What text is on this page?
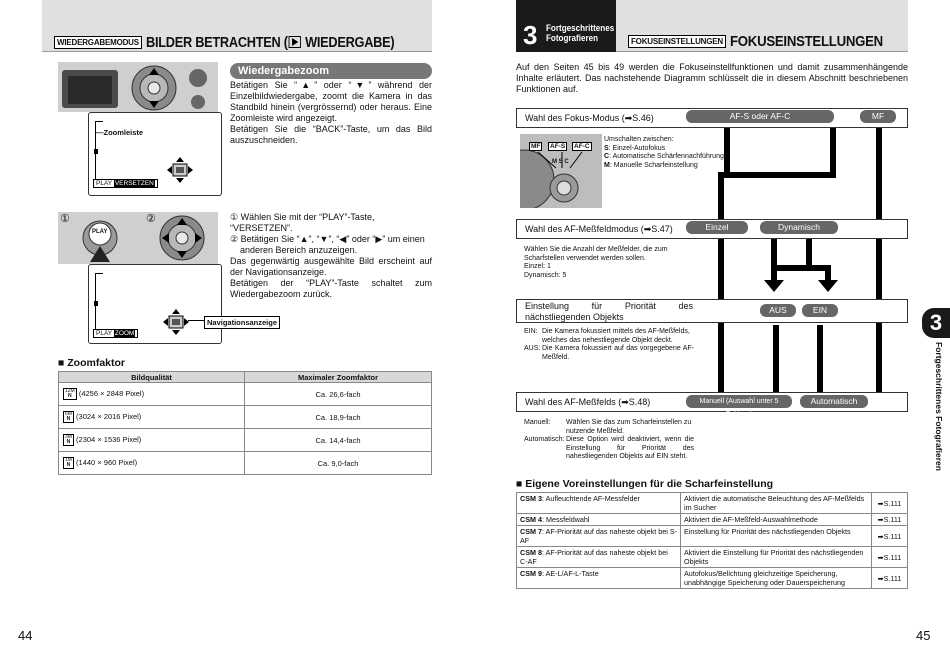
WIEDERGABEMODUS BILDER BETRACHTEN ( WIEDERGABE)
PLAY VERSETZEN
—Zoomleiste
Wiedergabezoom
Betätigen Sie “▲” oder “▼” während der Einzelbildwiedergabe, zoomt die Kamera in das Standbild hinein (vergrössernd) oder heraus. Eine Zoomleiste wird angezeigt.
Betätigen Sie die “BACK”-Taste, um das Bild auszuschneiden.
PLAY
①	②
PLAY ZOOM
Navigationsanzeige
① Wählen Sie mit der “PLAY”-Taste, “VERSETZEN”.
② Betätigen Sie “▲”, “▼”, “◀” oder “▶” um einen anderen Bereich anzuzeigen.
Das gegenwärtig ausgewählte Bild erscheint auf der Navigationsanzeige.
Betätigen der “PLAY”-Taste schaltet zum Wiedergabezoom zurück.
■ Zoomfaktor
Bildqualität	Maximaler Zoomfaktor
12M
N (4256 × 2848 Pixel)	Ca. 26,6-fach
6M
N (3024 × 2016 Pixel)	Ca. 18,9-fach
3M
N (2304 × 1536 Pixel)	Ca. 14,4-fach
1M
N (1440 × 960 Pixel)	Ca. 9,0-fach
44
3 Fortgeschrittenes
Fotografieren	FOKUSEINSTELLUNGEN FOKUSEINSTELLUNGEN
Auf den Seiten 45 bis 49 werden die Fokuseinstellfunktionen und damit zusammenhängende Inhalte erläutert. Das nachstehende Diagramm schlüsselt die in diesem Abschnitt beschriebenen Funktionen auf.
Wahl des Fokus-Modus (➡S.46)	AF-S oder AF-C	MF
MF	AF-S	AF-C
M S C
Umschalten zwischen:
S: Einzel-Autofokus
C: Automatische Schärfennachführung
M: Manuelle Scharfeinstellung
Wahl des AF-Meßfeldmodus (➡S.47)	Einzel	Dynamisch
Wählen Sie die Anzahl der Meßfelder, die zum Scharfstellen verwendet werden sollen.
Einzel: 1
Dynamisch: 5
Einstellung für Priorität des
nächstliegenden Objekts
AUS	EIN
EIN: Die Kamera fokussiert mittels des AF-Meßfelds, welches das nehestliegende Objekt deckt.
AUS: Die Kamera fokussiert auf das vorgegebene AF-Meßfeld.
Wahl des AF-Meßfelds (➡S.48)	Manuell (Auswahl unter 5 Feldern)
Automatisch
Manuell:	Wählen Sie das zum Scharfeinstellen zu nutzende Meßfeld.
Automatisch: Diese Option wird deaktiviert, wenn die Einstellung für Priorität des nahestliegenden Objekts auf EIN steht.
■ Eigene Voreinstellungen für die Scharfeinstellung
CSM 3: Aufleuchtende AF-Messfelder	Aktiviert die automatische Beleuchtung des AF-Meßfelds im Sucher	➡S.111
CSM 4: Messfeldwahl	Aktiviert die AF-Meßfeld-Auswahlmethode	➡S.111
CSM 7: AF-Priorität auf das naheste objekt bei S-AF	Einstellung für Priorität des nächstliegenden Objekts	➡S.111
CSM 8: AF-Priorität auf das naheste objekt bei C-AF	Aktiviert die Einstellung für Priorität des nächstliegenden Objekts	➡S.111
CSM 9: AE-L/AF-L-Taste	Autofokus/Belichtung gleichzeitige Speicherung, unabhängige Speicherung oder Dauerspeicherung	➡S.111
3
Fortgeschrittenes Fotografieren
45
